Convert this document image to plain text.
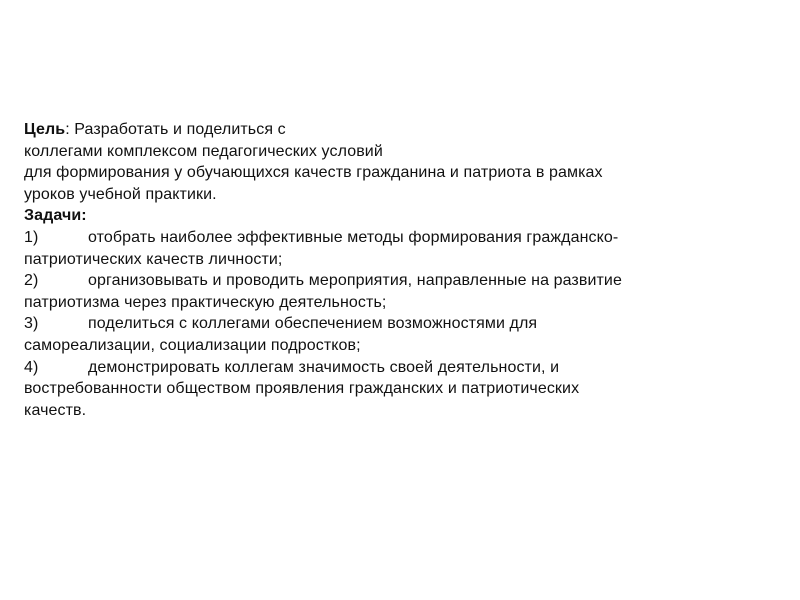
Цель: Разработать и поделиться с
коллегами комплексом педагогических условий
для формирования у обучающихся качеств гражданина и патриота в рамках
уроков учебной практики.
Задачи:
1)	отобрать наиболее эффективные методы формирования гражданско-
патриотических качеств личности;
2)	организовывать и проводить мероприятия, направленные на развитие
патриотизма через практическую деятельность;
3)	поделиться с коллегами обеспечением возможностями для
самореализации, социализации подростков;
4)	демонстрировать коллегам значимость своей деятельности, и
востребованности обществом проявления гражданских и патриотических
качеств.
